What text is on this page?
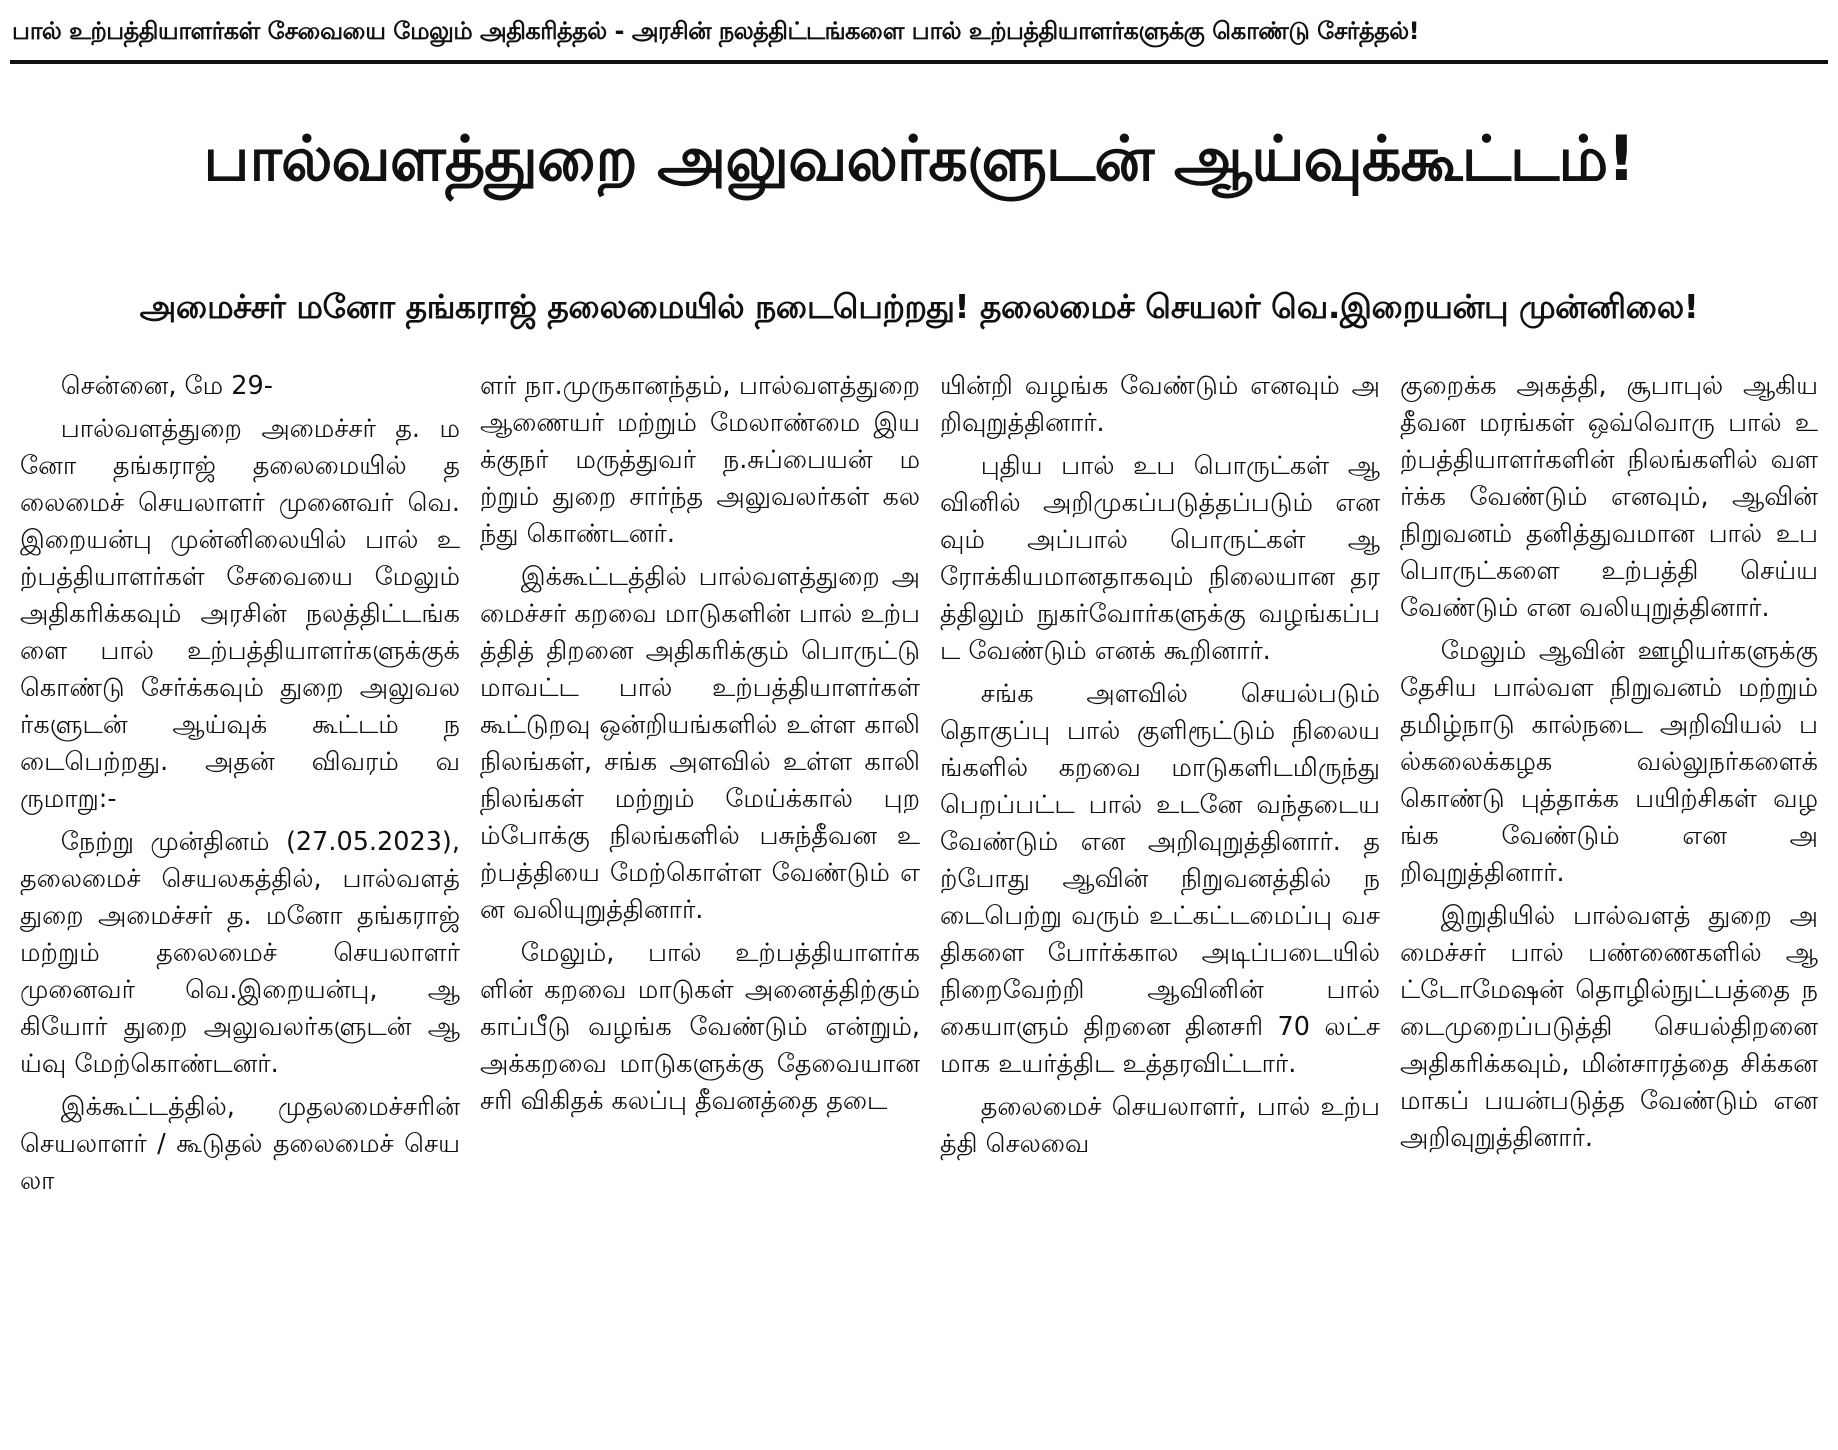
பால் உற்பத்தியாளர்கள் சேவையை மேலும் அதிகரித்தல் - அரசின் நலத்திட்டங்களை பால் உற்பத்தியாளர்களுக்கு கொண்டு சேர்த்தல்!
பால்வளத்துறை அலுவலர்களுடன் ஆய்வுக்கூட்டம்!
அமைச்சர் மனோ தங்கராஜ் தலைமையில் நடைபெற்றது! தலைமைச் செயலர் வெ.இறையன்பு முன்னிலை!

சென்னை, மே 29-

பால்வளத்துறை அமைச்சர் த. மனோ தங்கராஜ் தலைமையில் தலைமைச் செயலாளர் முனைவர் வெ. இறையன்பு முன்னிலையில் பால் உற்பத்தியாளர்கள் சேவையை மேலும் அதிகரிக்கவும் அரசின் நலத்திட்டங்களை பால் உற்பத்தியாளர்களுக்குக் கொண்டு சேர்க்கவும் துறை அலுவலர்களுடன் ஆய்வுக் கூட்டம் நடைபெற்றது. அதன் விவரம் வருமாறு:-

நேற்று முன்தினம் (27.05.2023), தலைமைச் செயலகத்தில், பால்வளத் துறை அமைச்சர் த. மனோ தங்கராஜ் மற்றும் தலைமைச் செயலாளர் முனைவர் வெ.இறையன்பு, ஆகியோர் துறை அலுவலர்களுடன் ஆய்வு மேற்கொண்டனர்.

இக்கூட்டத்தில், முதலமைச்சரின் செயலாளர் / கூடுதல் தலைமைச் செயலா

ளர் நா.முருகானந்தம், பால்வளத்துறை ஆணையர் மற்றும் மேலாண்மை இயக்குநர் மருத்துவர் ந.சுப்பையன் மற்றும் துறை சார்ந்த அலுவலர்கள் கலந்து கொண்டனர்.

இக்கூட்டத்தில் பால்வளத்துறை அமைச்சர் கறவை மாடுகளின் பால் உற்பத்தித் திறனை அதிகரிக்கும் பொருட்டு மாவட்ட பால் உற்பத்தியாளர்கள் கூட்டுறவு ஒன்றியங்களில் உள்ள காலி நிலங்கள், சங்க அளவில் உள்ள காலி நிலங்கள் மற்றும் மேய்க்கால் புறம்போக்கு நிலங்களில் பசுந்தீவன உற்பத்தியை மேற்கொள்ள வேண்டும் என வலியுறுத்தினார்.

மேலும், பால் உற்பத்தியாளர்களின் கறவை மாடுகள் அனைத்திற்கும் காப்பீடு வழங்க வேண்டும் என்றும், அக்கறவை மாடுகளுக்கு தேவையான சரி விகிதக் கலப்பு தீவனத்தை தடை

யின்றி வழங்க வேண்டும் எனவும் அறிவுறுத்தினார்.

புதிய பால் உப பொருட்கள் ஆவினில் அறிமுகப்படுத்தப்படும் எனவும் அப்பால் பொருட்கள் ஆரோக்கியமானதாகவும் நிலையான தரத்திலும் நுகர்வோர்களுக்கு வழங்கப்பட வேண்டும் எனக் கூறினார்.

சங்க அளவில் செயல்படும் தொகுப்பு பால் குளிரூட்டும் நிலையங்களில் கறவை மாடுகளிடமிருந்து பெறப்பட்ட பால் உடனே வந்தடைய வேண்டும் என அறிவுறுத்தினார். தற்போது ஆவின் நிறுவனத்தில் நடைபெற்று வரும் உட்கட்டமைப்பு வசதிகளை போர்க்கால அடிப்படையில் நிறைவேற்றி ஆவினின் பால் கையாளும் திறனை தினசரி 70 லட்சமாக உயர்த்திட உத்தரவிட்டார்.

தலைமைச் செயலாளர், பால் உற்பத்தி செலவை

குறைக்க அகத்தி, சூபாபுல் ஆகிய தீவன மரங்கள் ஒவ்வொரு பால் உற்பத்தியாளர்களின் நிலங்களில் வளர்க்க வேண்டும் எனவும், ஆவின் நிறுவனம் தனித்துவமான பால் உப பொருட்களை உற்பத்தி செய்ய வேண்டும் என வலியுறுத்தினார்.

மேலும் ஆவின் ஊழியர்களுக்கு தேசிய பால்வள நிறுவனம் மற்றும் தமிழ்நாடு கால்நடை அறிவியல் பல்கலைக்கழக வல்லுநர்களைக் கொண்டு புத்தாக்க பயிற்சிகள் வழங்க வேண்டும் என அறிவுறுத்தினார்.

இறுதியில் பால்வளத் துறை அமைச்சர் பால் பண்ணைகளில் ஆட்டோமேஷன் தொழில்நுட்பத்தை நடைமுறைப்படுத்தி செயல்திறனை அதிகரிக்கவும், மின்சாரத்தை சிக்கனமாகப் பயன்படுத்த வேண்டும் என அறிவுறுத்தினார்.
